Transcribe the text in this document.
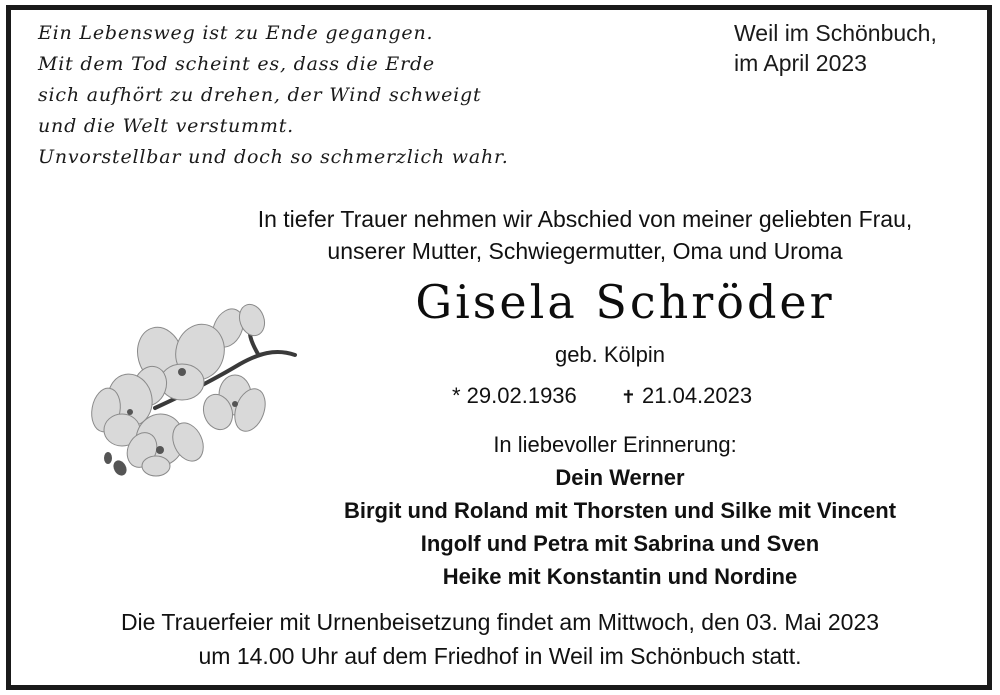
Ein Lebensweg ist zu Ende gegangen.
Mit dem Tod scheint es, dass die Erde
sich aufhört zu drehen, der Wind schweigt
und die Welt verstummt.
Unvorstellbar und doch so schmerzlich wahr.
Weil im Schönbuch,
im April 2023
In tiefer Trauer nehmen wir Abschied von meiner geliebten Frau,
unserer Mutter, Schwiegermutter, Oma und Uroma
Gisela Schröder
geb. Kölpin
* 29.02.1936 ✝ 21.04.2023
In liebevoller Erinnerung:
Dein Werner
Birgit und Roland mit Thorsten und Silke mit Vincent
Ingolf und Petra mit Sabrina und Sven
Heike mit Konstantin und Nordine
Die Trauerfeier mit Urnenbeisetzung findet am Mittwoch, den 03. Mai 2023
um 14.00 Uhr auf dem Friedhof in Weil im Schönbuch statt.
